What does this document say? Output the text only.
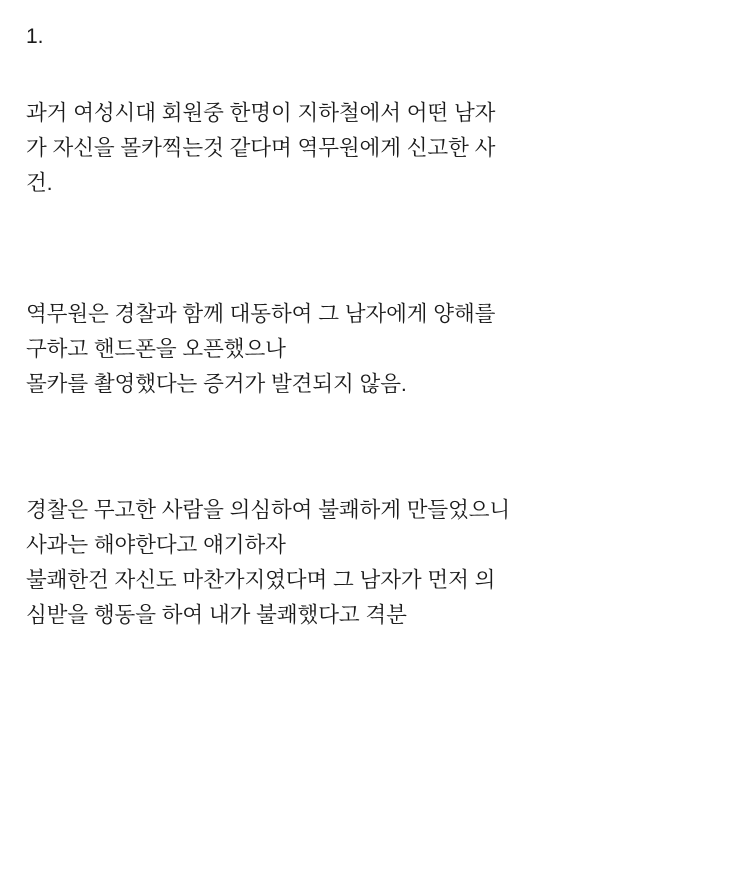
1.

과거 여성시대 회원중 한명이 지하철에서 어떤 남자

가 자신을 몰카찍는것 같다며 역무원에게 신고한 사

건.

역무원은 경찰과 함께 대동하여 그 남자에게 양해를

구하고 핸드폰을 오픈했으나

몰카를 촬영했다는 증거가 발견되지 않음.

경찰은 무고한 사람을 의심하여 불쾌하게 만들었으니

사과는 해야한다고 얘기하자

불쾌한건 자신도 마찬가지였다며 그 남자가 먼저 의

심받을 행동을 하여 내가 불쾌했다고 격분
